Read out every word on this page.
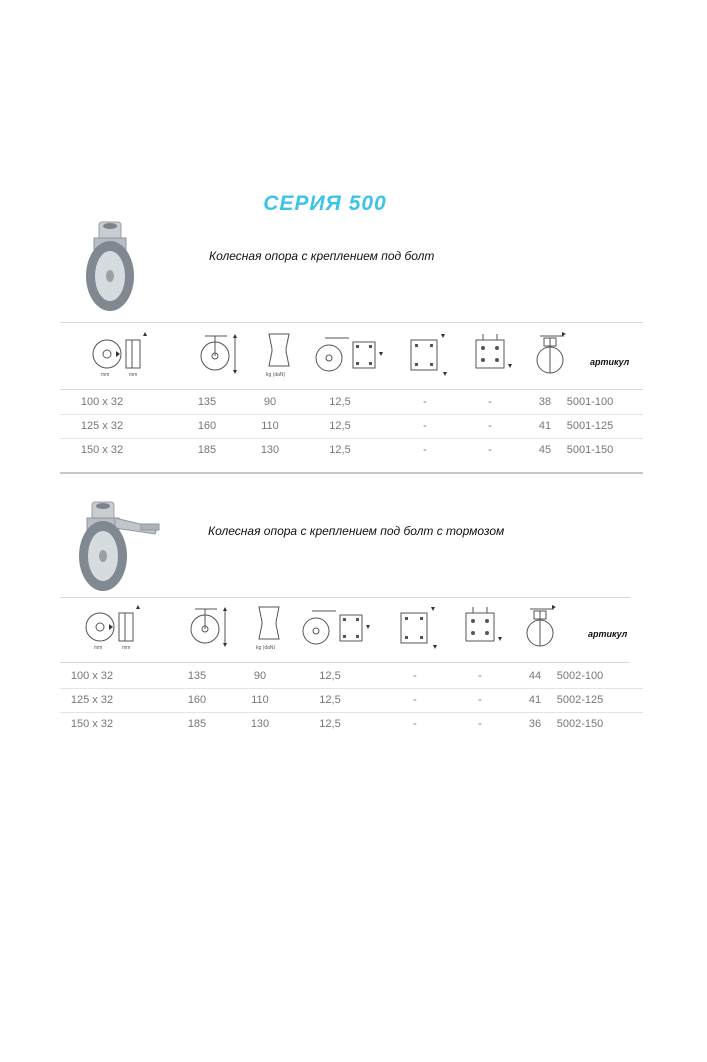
СЕРИЯ 500
Колесная опора с креплением под болт
mm	mm	kg (daN)
артикул
100 x 32	135	90	12,5	-	-	38	5001-100
125 x 32	160	110	12,5	-	-	41	5001-125
150 x 32	185	130	12,5	-	-	45	5001-150
Колесная опора с креплением под болт с тормозом
mm	mm	kg (daN)
артикул
100 x 32	135	90	12,5	-	-	44	5002-100
125 x 32	160	110	12,5	-	-	41	5002-125
150 x 32	185	130	12,5	-	-	36	5002-150
